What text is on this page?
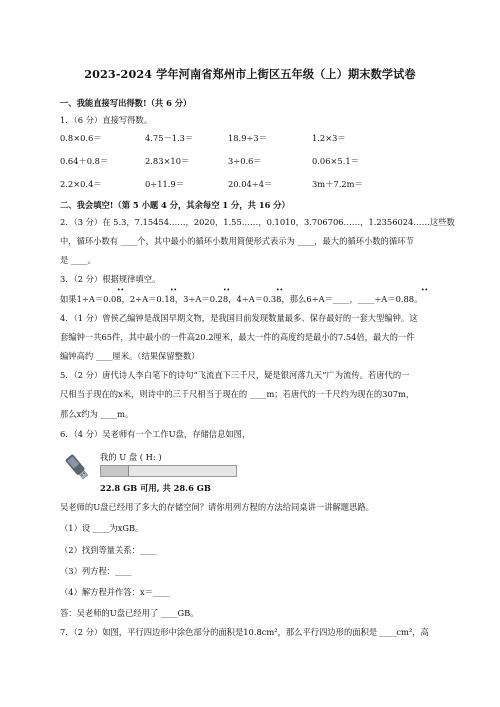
2023-2024 学年河南省郑州市上街区五年级（上）期末数学试卷
一、我能直接写出得数!（共 6 分）
1．（6 分）直接写得数。
0.8×0.6＝	4.75－1.3＝	18.9÷3＝	1.2×3＝
0.64＋0.8＝	2.83×10＝	3÷0.6＝	0.06×5.1＝
2.2×0.4＝	0÷11.9＝	20.04÷4＝	3m＋7.2m＝
二、我会填空!（第 5 小题 4 分，其余每空 1 分，共 16 分）
2．（3 分）在 5.3，7.15454……，2020，1.55……，0.1010，3.706706……，1.2356024……这些数
中，循环小数有 ____个，其中最小的循环小数用简便形式表示为 ____，最大的循环小数的循环节
是 ____。
3．（2 分）根据规律填空。
如果1÷A＝0.08，2÷A＝0.18，3÷A＝0.28，4÷A＝0.38，那么6÷A＝____，____÷A＝0.88。
••	••	••	••	••
4．（1 分）曾侯乙编钟是战国早期文物，是我国目前发现数量最多、保存最好的一套大型编钟。这
套编钟一共65件，其中最小的一件高20.2厘米，最大一件的高度约是最小的7.54倍，最大的一件
编钟高约 ____厘米。（结果保留整数）
5．（2 分）唐代诗人李白笔下的诗句“飞流直下三千尺，疑是银河落九天”广为流传。若唐代的一
尺相当于现在的x米，则诗中的三千尺相当于现在的 ____m；若唐代的一千尺约为现在的307m，
那么x约为 ____m。
6．（4 分）吴老师有一个工作U盘，存储信息如图，
我的 U 盘 ( H: )
22.8 GB 可用, 共 28.6 GB
吴老师的U盘已经用了多大的存储空间？请你用列方程的方法给同桌讲一讲解题思路。
（1）设 ____为xGB。
（2）找到等量关系：____
（3）列方程：____
（4）解方程并作答：x＝____
答：吴老师的U盘已经用了 ____GB。
7．（2 分）如图，平行四边形中涂色部分的面积是10.8cm²，那么平行四边形的面积是 ____cm²，高
